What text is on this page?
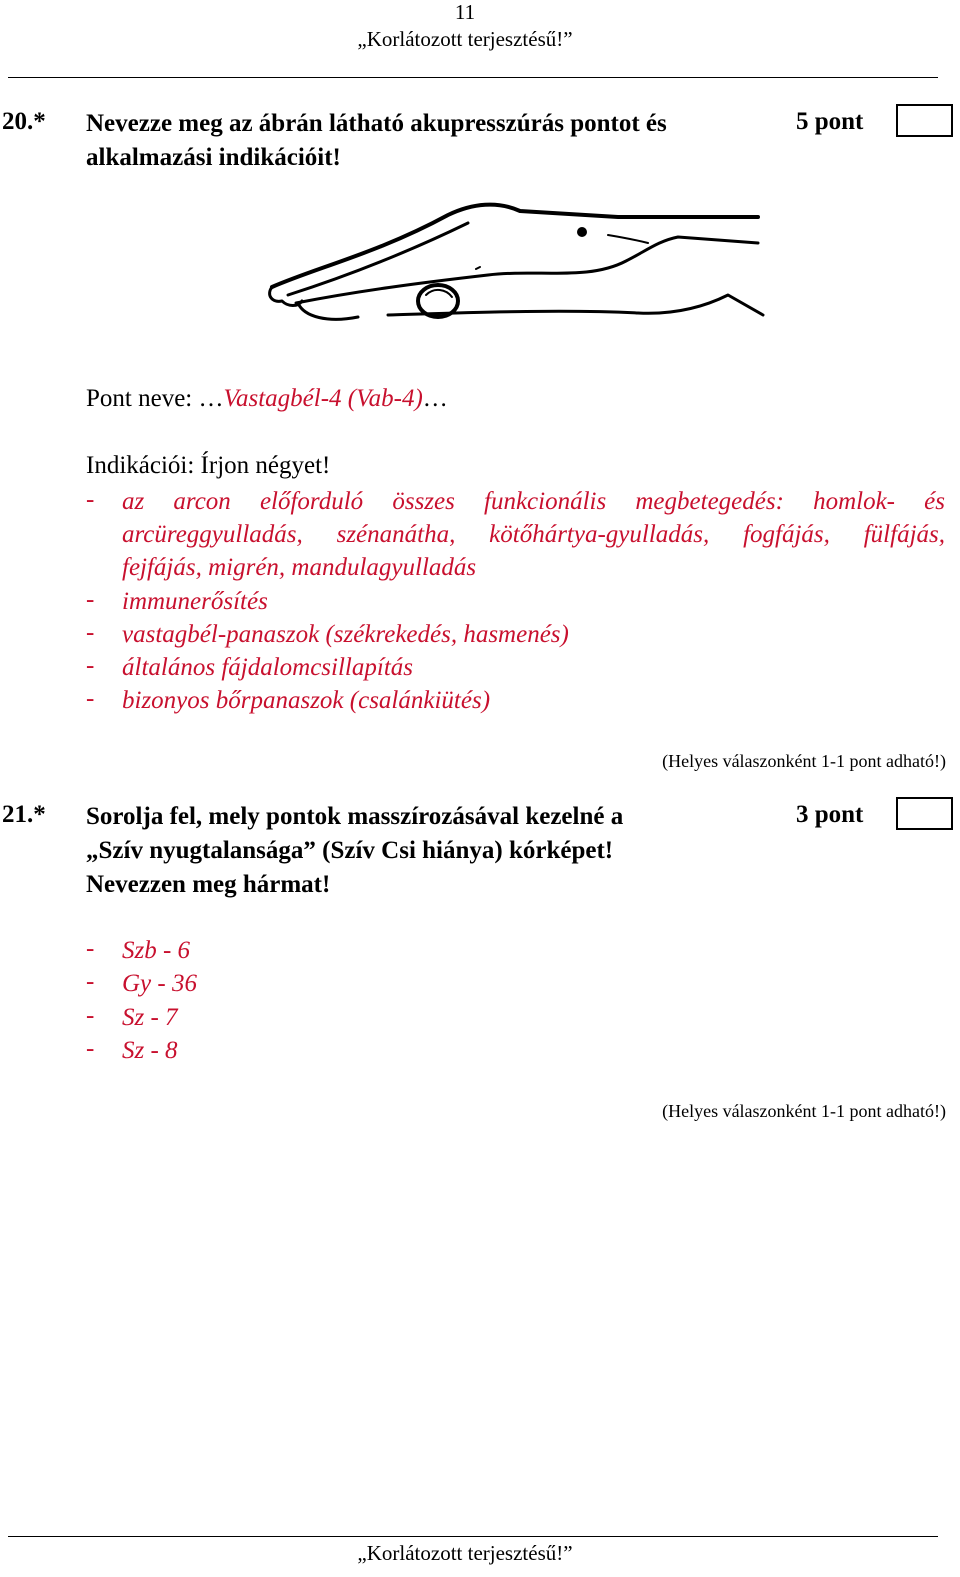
11
„Korlátozott terjesztésű!”
20.* Nevezze meg az ábrán látható akupresszúrás pontot és
alkalmazási indikációit!
5 pont
Pont neve: …Vastagbél-4 (Vab-4)…
Indikációi: Írjon négyet!
- az arcon előforduló összes funkcionális megbetegedés: homlok- és
arcüreggyulladás, szénanátha, kötőhártya-gyulladás, fogfájás, fülfájás,
fejfájás, migrén, mandulagyulladás
- immunerősítés
- vastagbél-panaszok (székrekedés, hasmenés)
- általános fájdalomcsillapítás
- bizonyos bőrpanaszok (csalánkiütés)
(Helyes válaszonként 1-1 pont adható!)
21.* Sorolja fel, mely pontok masszírozásával kezelné a
„Szív nyugtalansága” (Szív Csi hiánya) kórképet!
Nevezzen meg hármat!
3 pont
- Szb - 6
- Gy - 36
- Sz - 7
- Sz - 8
(Helyes válaszonként 1-1 pont adható!)
„Korlátozott terjesztésű!”
